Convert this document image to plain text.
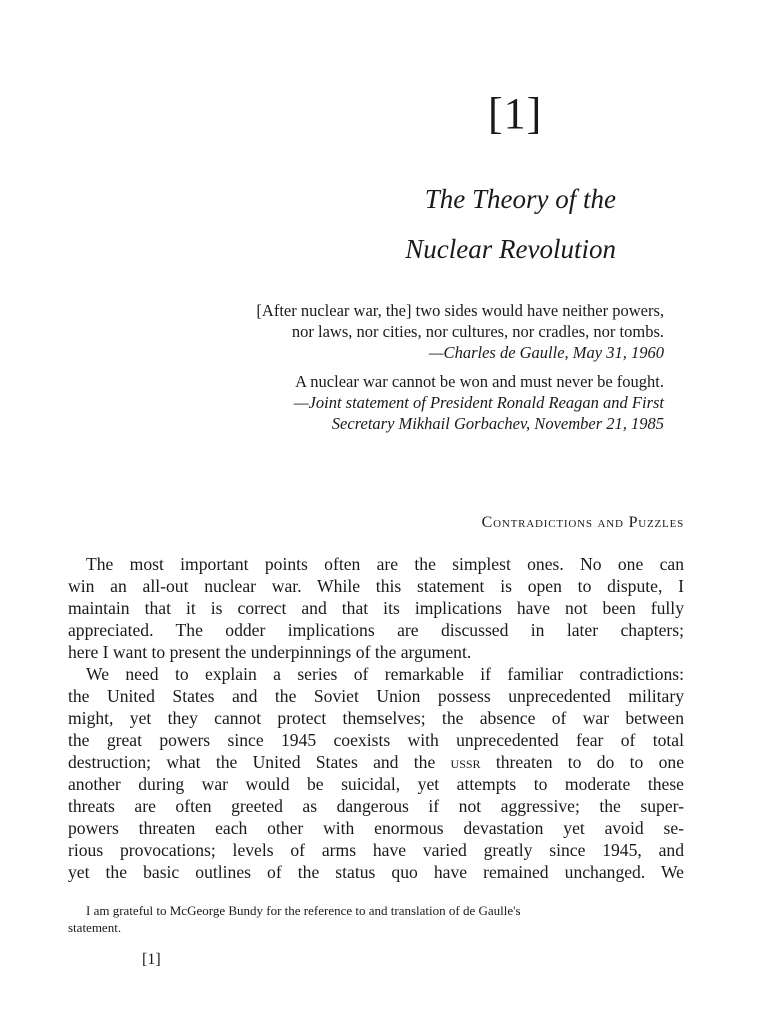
[1]
The Theory of the
Nuclear Revolution
[After nuclear war, the] two sides would have neither powers,
nor laws, nor cities, nor cultures, nor cradles, nor tombs.
—Charles de Gaulle, May 31, 1960
A nuclear war cannot be won and must never be fought.
—Joint statement of President Ronald Reagan and First
Secretary Mikhail Gorbachev, November 21, 1985
Contradictions and Puzzles
The most important points often are the simplest ones. No one can
win an all-out nuclear war. While this statement is open to dispute, I
maintain that it is correct and that its implications have not been fully
appreciated. The odder implications are discussed in later chapters;
here I want to present the underpinnings of the argument.
We need to explain a series of remarkable if familiar contradictions:
the United States and the Soviet Union possess unprecedented military
might, yet they cannot protect themselves; the absence of war between
the great powers since 1945 coexists with unprecedented fear of total
destruction; what the United States and the ussr threaten to do to one
another during war would be suicidal, yet attempts to moderate these
threats are often greeted as dangerous if not aggressive; the super-
powers threaten each other with enormous devastation yet avoid se-
rious provocations; levels of arms have varied greatly since 1945, and
yet the basic outlines of the status quo have remained unchanged. We
I am grateful to McGeorge Bundy for the reference to and translation of de Gaulle's
statement.
[1]
